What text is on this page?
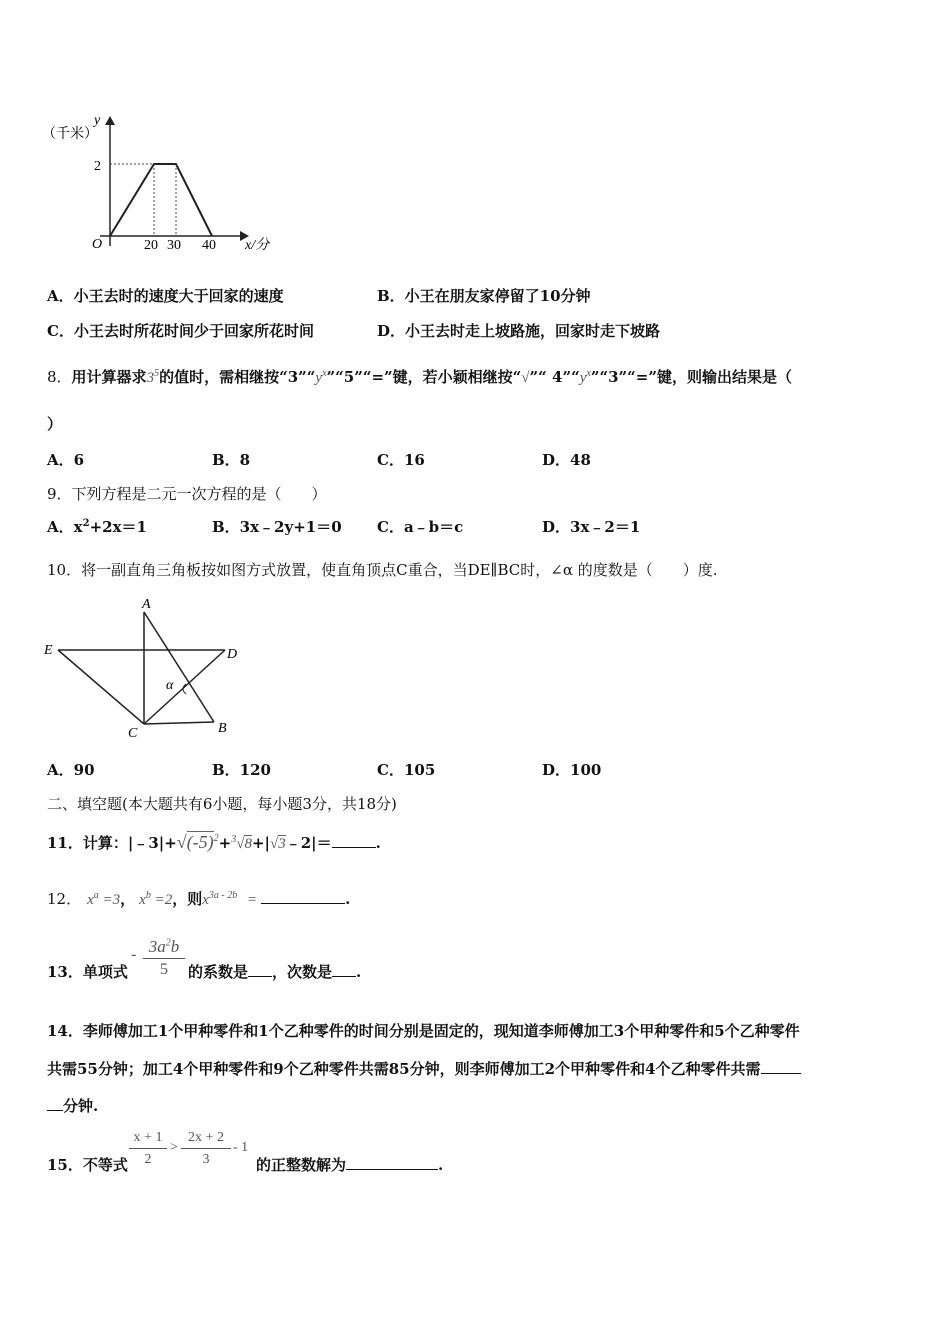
y
（千米）
2
O	20 30 40 x/分
A．小王去时的速度大于回家的速度	B．小王在朋友家停留了10分钟
C．小王去时所花时间少于回家所花时间	D．小王去时走上坡路施，回家时走下坡路
8．用计算器求$3^5$的值时，需相继按“$3”“y^x”“5”“=$”键，若小颖相继按“√”“ $4”“y^x”“3”“=$”键，则输出结果是（
）
A．6	B．8	C．16	D．48
9．下列方程是二元一次方程的是（　　）
A．$x^2+2x=1$	B．3x﹣2y+1＝0 C．a﹣b＝c	D．3x﹣2＝1
10．将一副直角三角板按如图方式放置，使直角顶点C重合，当DE∥BC时，∠α 的度数是（　　）度.
A
E	D
α
C	B
A．90	B．120	C．105	D．100
二、填空题(本大题共有6小题，每小题3分，共18分)
11．计算：$|﹣3|+√(-5)^2+^3√8+|√3﹣2|=$	.
12． $x^a =3$， $x^b =2$，则$x^{3a - 2b}$ =	.
13．单项式
- $\frac{3a^2b}{5}$ 的系数是 ，次数是 .
14．李师傅加工1个甲种零件和1个乙种零件的时间分别是固定的，现知道李师傅加工3个甲种零件和5个乙种零件
共需55分钟；加工4个甲种零件和9个乙种零件共需85分钟，则李师傅加工2个甲种零件和4个乙种零件共需
分钟.
15．不等式 $\frac{x + 1}{2} > \frac{2x + 2}{3} - 1$
的正整数解为	.
